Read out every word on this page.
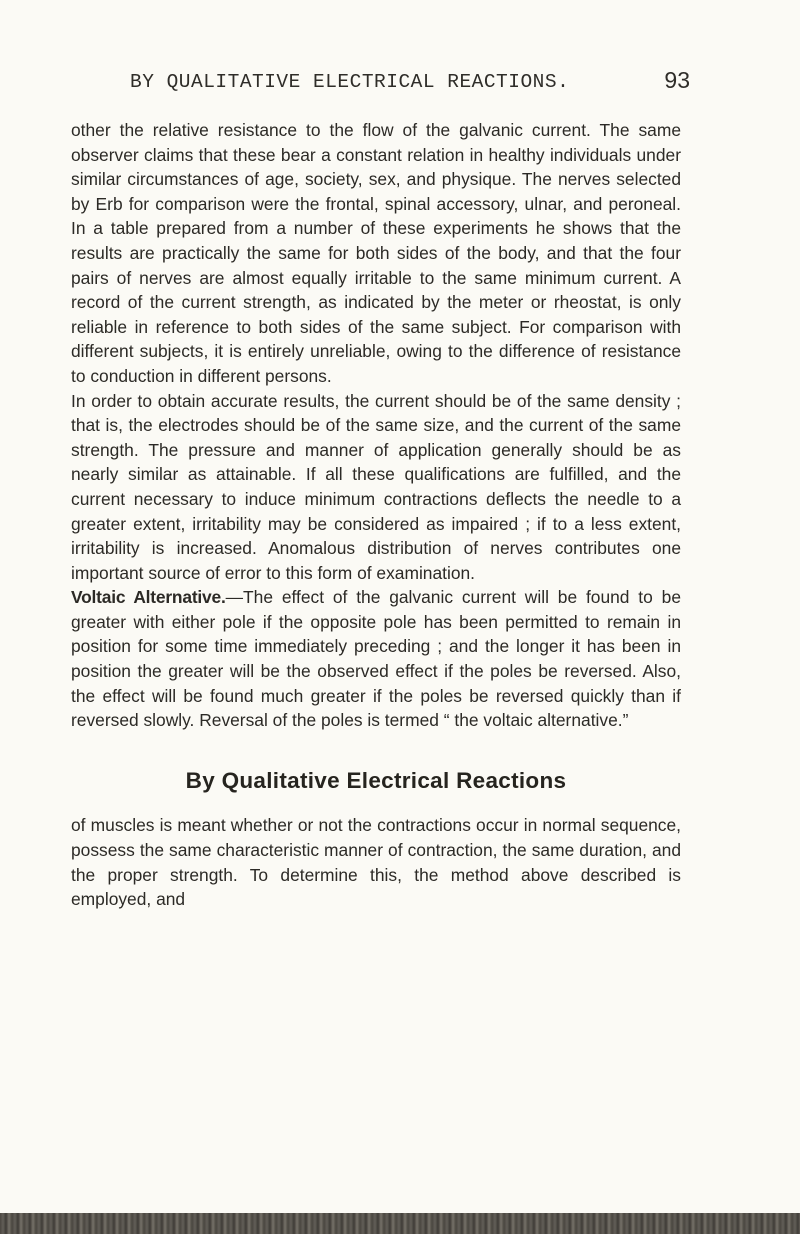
BY QUALITATIVE ELECTRICAL REACTIONS.	93

other the relative resistance to the flow of the galvanic current. The same observer claims that these bear a constant relation in healthy individuals under similar circumstances of age, society, sex, and physique. The nerves selected by Erb for comparison were the frontal, spinal accessory, ulnar, and peroneal. In a table prepared from a number of these experiments he shows that the results are practically the same for both sides of the body, and that the four pairs of nerves are almost equally irritable to the same minimum current. A record of the current strength, as indicated by the meter or rheostat, is only reliable in reference to both sides of the same subject. For comparison with different subjects, it is entirely unreliable, owing to the difference of resistance to conduction in different persons.

In order to obtain accurate results, the current should be of the same density ; that is, the electrodes should be of the same size, and the current of the same strength. The pressure and manner of application generally should be as nearly similar as attainable. If all these qualifications are fulfilled, and the current necessary to induce minimum contractions deflects the needle to a greater extent, irritability may be considered as impaired ; if to a less extent, irritability is increased. Anomalous distribution of nerves contributes one important source of error to this form of examination.

Voltaic Alternative.—The effect of the galvanic current will be found to be greater with either pole if the opposite pole has been permitted to remain in position for some time immediately preceding ; and the longer it has been in position the greater will be the observed effect if the poles be reversed. Also, the effect will be found much greater if the poles be reversed quickly than if reversed slowly. Reversal of the poles is termed “ the voltaic alternative.”

By Qualitative Electrical Reactions

of muscles is meant whether or not the contractions occur in normal sequence, possess the same characteristic manner of contraction, the same duration, and the proper strength. To determine this, the method above described is employed, and
